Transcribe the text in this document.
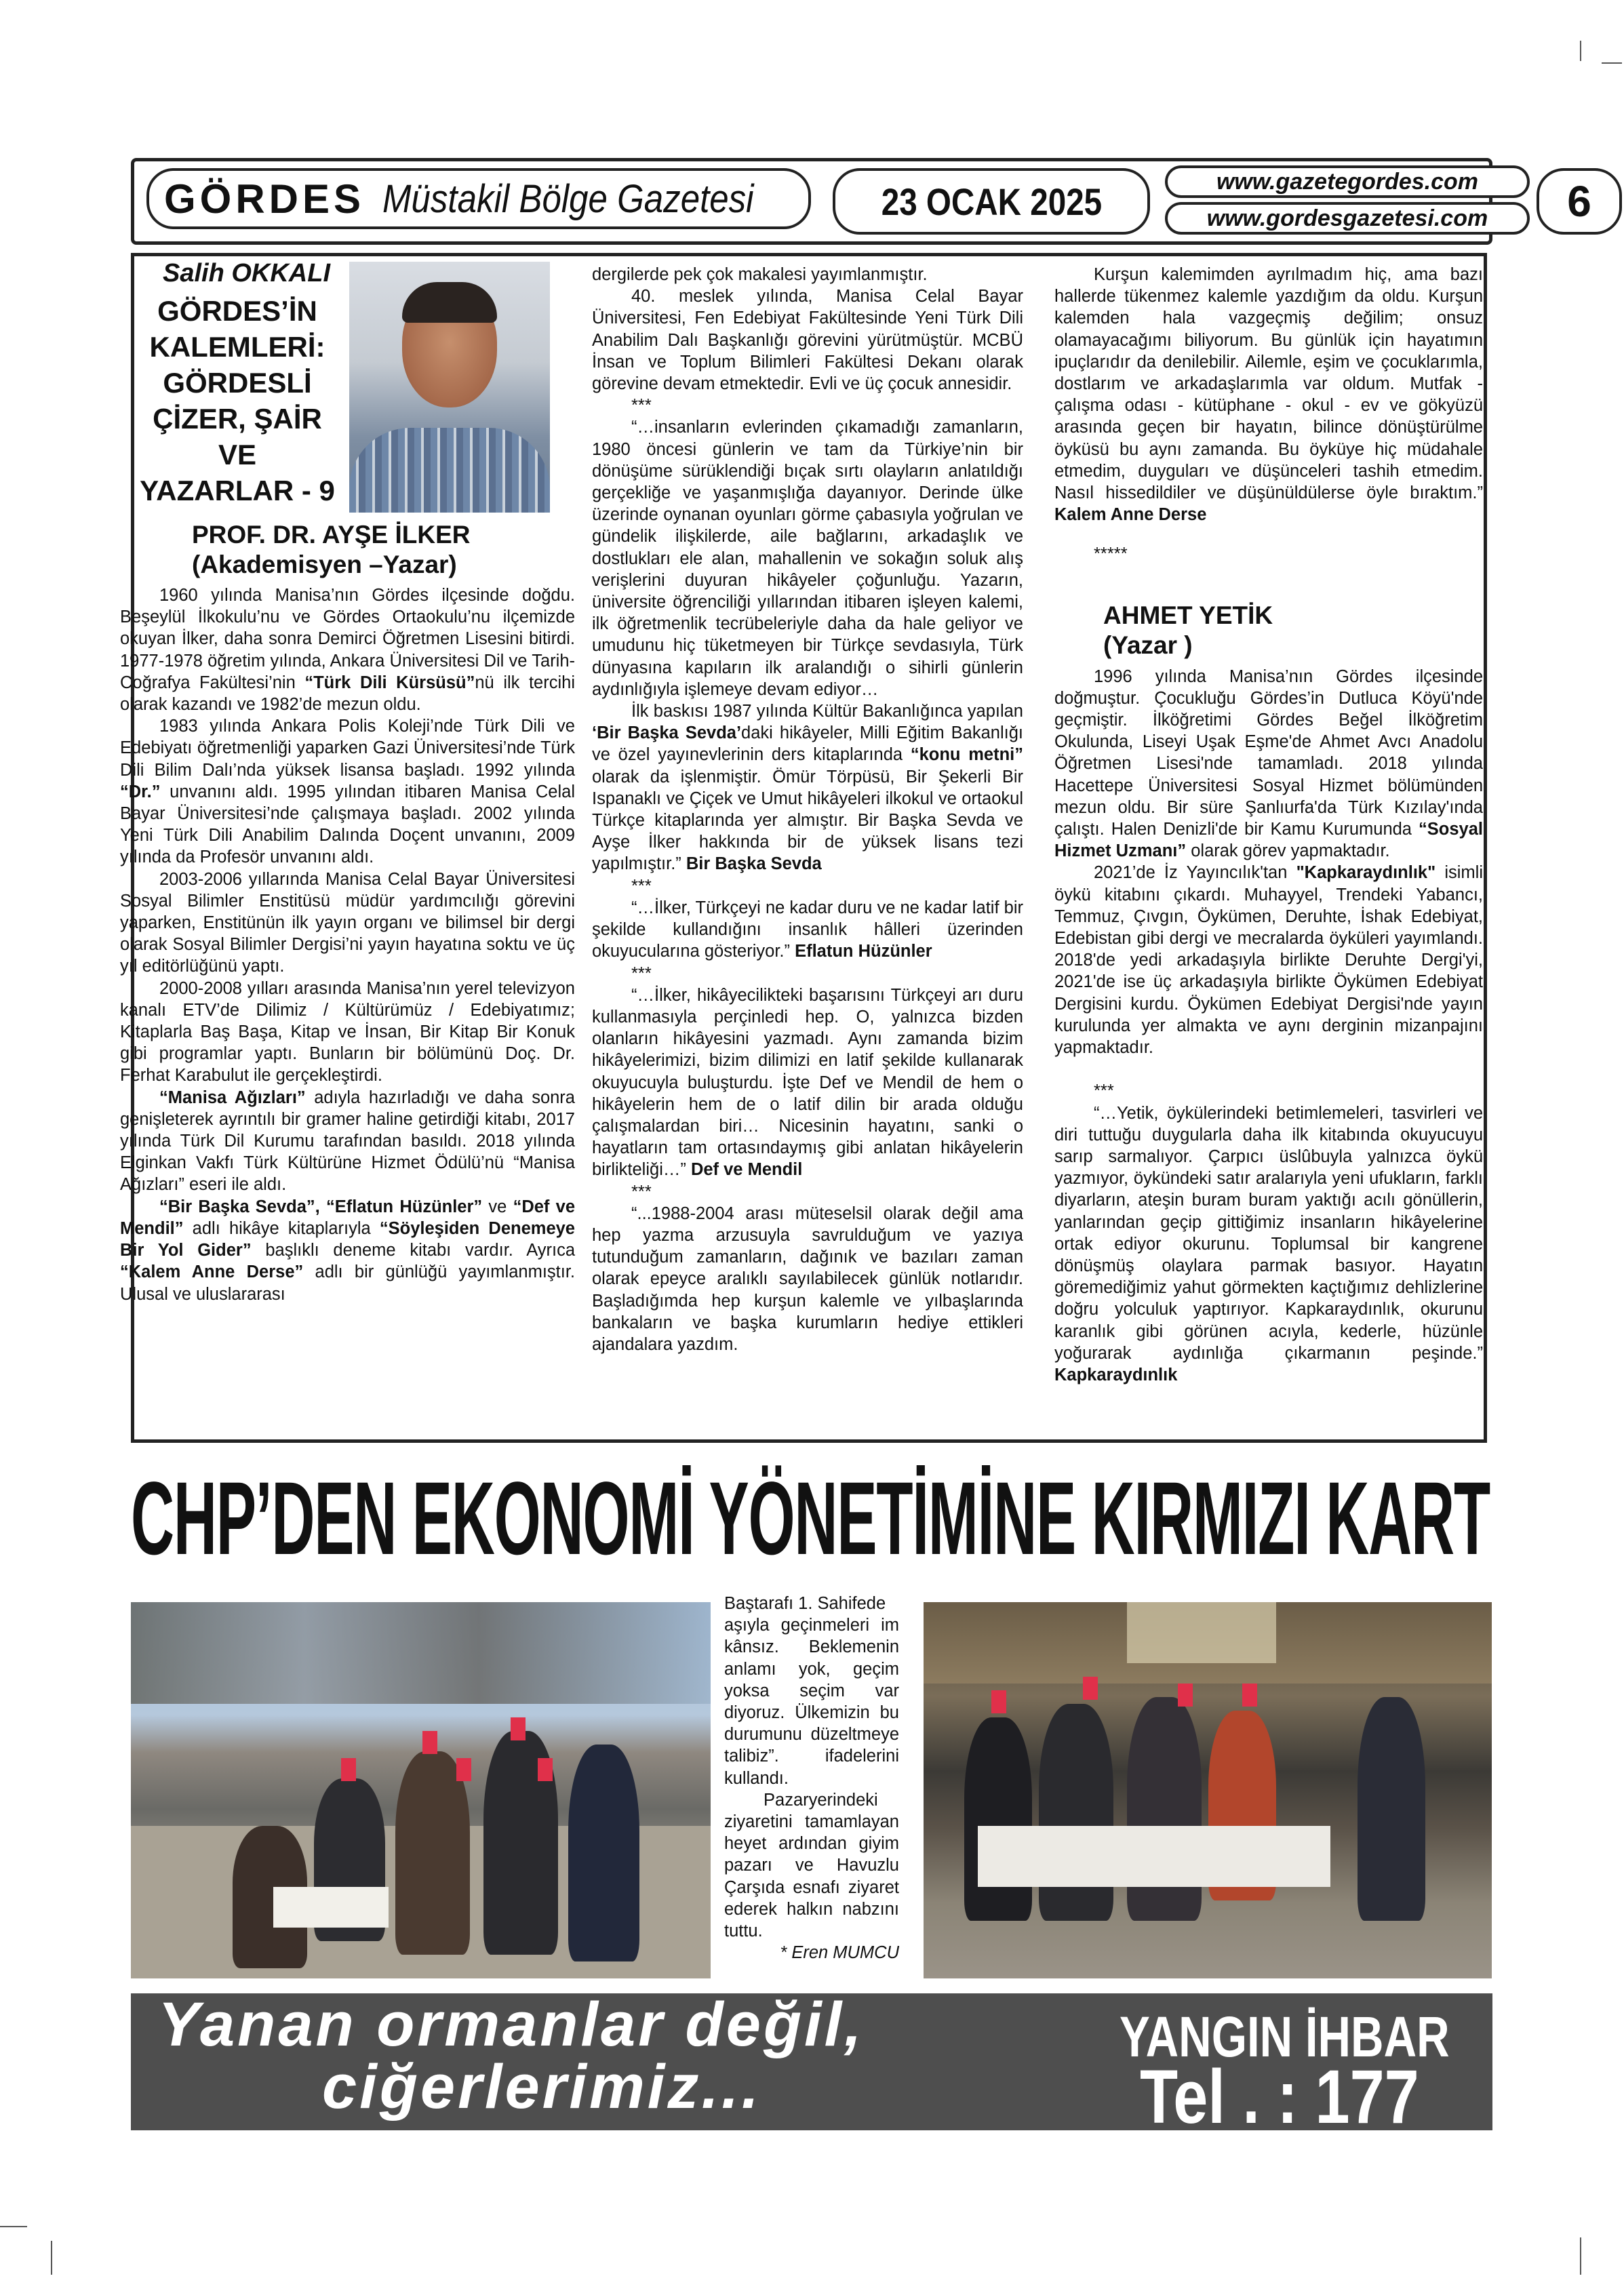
GÖRDES Müstakil Bölge Gazetesi	23 OCAK 2025	www.gazetegordes.com
www.gordesgazetesi.com	6
Salih OKKALI
GÖRDES’İN
KALEMLERİ:
GÖRDESLİ
ÇİZER, ŞAİR
VE
YAZARLAR - 9
PROF. DR. AYŞE İLKER
(Akademisyen –Yazar)

1960 yılında Manisa’nın Gördes ilçesinde doğdu. Beşeylül İlkokulu’nu ve Gördes Ortaokulu’nu ilçemizde okuyan İlker, daha sonra Demirci Öğretmen Lisesini bitirdi. 1977-1978 öğretim yılında, Ankara Üniversitesi Dil ve Tarih-Coğrafya Fakültesi’nin “Türk Dili Kürsüsü”nü ilk tercihi olarak kazandı ve 1982’de mezun oldu.

1983 yılında Ankara Polis Koleji’nde Türk Dili ve Edebiyatı öğretmenliği yaparken Gazi Üniversitesi’nde Türk Dili Bilim Dalı’nda yüksek lisansa başladı. 1992 yılında “Dr.” unvanını aldı. 1995 yılından itibaren Manisa Celal Bayar Üniversitesi’nde çalışmaya başladı. 2002 yılında Yeni Türk Dili Anabilim Dalında Doçent unvanını, 2009 yılında da Profesör unvanını aldı.

2003-2006 yıllarında Manisa Celal Bayar Üniversitesi Sosyal Bilimler Enstitüsü müdür yardımcılığı görevini yaparken, Enstitünün ilk yayın organı ve bilimsel bir dergi olarak Sosyal Bilimler Dergisi’ni yayın hayatına soktu ve üç yıl editörlüğünü yaptı.

2000-2008 yılları arasında Manisa’nın yerel televizyon kanalı ETV’de Dilimiz / Kültürümüz / Edebiyatımız; Kitaplarla Baş Başa, Kitap ve İnsan, Bir Kitap Bir Konuk gibi programlar yaptı. Bunların bir bölümünü Doç. Dr. Ferhat Karabulut ile gerçekleştirdi.

“Manisa Ağızları” adıyla hazırladığı ve daha sonra genişleterek ayrıntılı bir gramer haline getirdiği kitabı, 2017 yılında Türk Dil Kurumu tarafından basıldı. 2018 yılında Elginkan Vakfı Türk Kültürüne Hizmet Ödülü’nü “Manisa Ağızları” eseri ile aldı.

“Bir Başka Sevda”, “Eflatun Hüzünler” ve “Def ve Mendil” adlı hikâye kitaplarıyla “Söyleşiden Denemeye Bir Yol Gider” başlıklı deneme kitabı vardır. Ayrıca “Kalem Anne Derse” adlı bir günlüğü yayımlanmıştır. Ulusal ve uluslararası

dergilerde pek çok makalesi yayımlanmıştır.

40. meslek yılında, Manisa Celal Bayar Üniversitesi, Fen Edebiyat Fakültesinde Yeni Türk Dili Anabilim Dalı Başkanlığı görevini yürütmüştür. MCBÜ İnsan ve Toplum Bilimleri Fakültesi Dekanı olarak görevine devam etmektedir. Evli ve üç çocuk annesidir.

***

“…insanların evlerinden çıkamadığı zamanların, 1980 öncesi günlerin ve tam da Türkiye’nin bir dönüşüme sürüklendiği bıçak sırtı olayların anlatıldığı gerçekliğe ve yaşanmışlığa dayanıyor. Derinde ülke üzerinde oynanan oyunları görme çabasıyla yoğrulan ve gündelik ilişkilerde, aile bağlarını, arkadaşlık ve dostlukları ele alan, mahallenin ve sokağın soluk alış verişlerini duyuran hikâyeler çoğunluğu. Yazarın, üniversite öğrenciliği yıllarından itibaren işleyen kalemi, ilk öğretmenlik tecrübeleriyle daha da hale geliyor ve umudunu hiç tüketmeyen bir Türkçe sevdasıyla, Türk dünyasına kapıların ilk aralandığı o sihirli günlerin aydınlığıyla işlemeye devam ediyor…

İlk baskısı 1987 yılında Kültür Bakanlığınca yapılan ‘Bir Başka Sevda’daki hikâyeler, Milli Eğitim Bakanlığı ve özel yayınevlerinin ders kitaplarında “konu metni” olarak da işlenmiştir. Ömür Törpüsü, Bir Şekerli Bir Ispanaklı ve Çiçek ve Umut hikâyeleri ilkokul ve ortaokul Türkçe kitaplarında yer almıştır. Bir Başka Sevda ve Ayşe İlker hakkında bir de yüksek lisans tezi yapılmıştır.” Bir Başka Sevda

***

“…İlker, Türkçeyi ne kadar duru ve ne kadar latif bir şekilde kullandığını insanlık hâlleri üzerinden okuyucularına gösteriyor.” Eflatun Hüzünler

***

“…İlker, hikâyecilikteki başarısını Türkçeyi arı duru kullanmasıyla perçinledi hep. O, yalnızca bizden olanların hikâyesini yazmadı. Aynı zamanda bizim hikâyelerimizi, bizim dilimizi en latif şekilde kullanarak okuyucuyla buluşturdu. İşte Def ve Mendil de hem o hikâyelerin hem de o latif dilin bir arada olduğu çalışmalardan biri… Nicesinin hayatını, sanki o hayatların tam ortasındaymış gibi anlatan hikâyelerin birlikteliği…” Def ve Mendil

***

“...1988-2004 arası müteselsil olarak değil ama hep yazma arzusuyla savrulduğum ve yazıya tutunduğum zamanların, dağınık ve bazıları zaman olarak epeyce aralıklı sayılabilecek günlük notlarıdır. Başladığımda hep kurşun kalemle ve yılbaşlarında bankaların ve başka kurumların hediye ettikleri ajandalara yazdım.

Kurşun kalemimden ayrılmadım hiç, ama bazı hallerde tükenmez kalemle yazdığım da oldu. Kurşun kalemden hala vazgeçmiş değilim; onsuz olamayacağımı biliyorum. Bu günlük için hayatımın ipuçlarıdır da denilebilir. Ailemle, eşim ve çocuklarımla, dostlarım ve arkadaşlarımla var oldum. Mutfak - çalışma odası - kütüphane - okul - ev ve gökyüzü arasında geçen bir hayatın, bilince dönüştürülme öyküsü bu aynı zamanda. Bu öyküye hiç müdahale etmedim, duyguları ve düşünceleri tashih etmedim. Nasıl hissedildiler ve düşünüldülerse öyle bıraktım.” Kalem Anne Derse

*****

AHMET YETİK
(Yazar )

1996 yılında Manisa’nın Gördes ilçesinde doğmuştur. Çocukluğu Gördes’in Dutluca Köyü'nde geçmiştir. İlköğretimi Gördes Beğel İlköğretim Okulunda, Liseyi Uşak Eşme'de Ahmet Avcı Anadolu Öğretmen Lisesi'nde tamamladı. 2018 yılında Hacettepe Üniversitesi Sosyal Hizmet bölümünden mezun oldu. Bir süre Şanlıurfa'da Türk Kızılay'ında çalıştı. Halen Denizli'de bir Kamu Kurumunda “Sosyal Hizmet Uzmanı” olarak görev yapmaktadır.

2021’de İz Yayıncılık'tan "Kapkaraydınlık" isimli öykü kitabını çıkardı. Muhayyel, Trendeki Yabancı, Temmuz, Çıvgın, Öykümen, Deruhte, İshak Edebiyat, Edebistan gibi dergi ve mecralarda öyküleri yayımlandı. 2018'de yedi arkadaşıyla birlikte Deruhte Dergi'yi, 2021'de ise üç arkadaşıyla birlikte Öykümen Edebiyat Dergisini kurdu. Öykümen Edebiyat Dergisi'nde yayın kurulunda yer almakta ve aynı derginin mizanpajını yapmaktadır.

***

“…Yetik, öykülerindeki betimlemeleri, tasvirleri ve diri tuttuğu duygularla daha ilk kitabında okuyucuyu sarıp sarmalıyor. Çarpıcı üslûbuyla yalnızca öykü yazmıyor, öykündeki satır aralarıyla yeni ufukların, farklı diyarların, ateşin buram buram yaktığı acılı gönüllerin, yanlarından geçip gittiğimiz insanların hikâyelerine ortak ediyor okurunu. Toplumsal bir kangrene dönüşmüş olaylara parmak basıyor. Hayatın göremediğimiz yahut görmekten kaçtığımız dehlizlerine doğru yolculuk yaptırıyor. Kapkaraydınlık, okurunu karanlık gibi görünen acıyla, kederle, hüzünle yoğurarak aydınlığa çıkarmanın peşinde.” Kapkaraydınlık

CHP’DEN EKONOMİ YÖNETİMİNE KIRMIZI KART

Baştarafı 1. Sahifede

aşıyla geçinmeleri im kânsız. Beklemenin anlamı yok, geçim yoksa seçim var diyoruz. Ülkemizin bu durumunu düzeltmeye talibiz”. ifadelerini kullandı.

Pazaryerindeki ziyaretini tamamlayan heyet ardından giyim pazarı ve Havuzlu Çarşıda esnafı ziyaret ederek halkın nabzını tuttu.

* Eren MUMCU

Yanan ormanlar değil,
ciğerlerimiz...
YANGIN İHBAR
Tel . : 177
